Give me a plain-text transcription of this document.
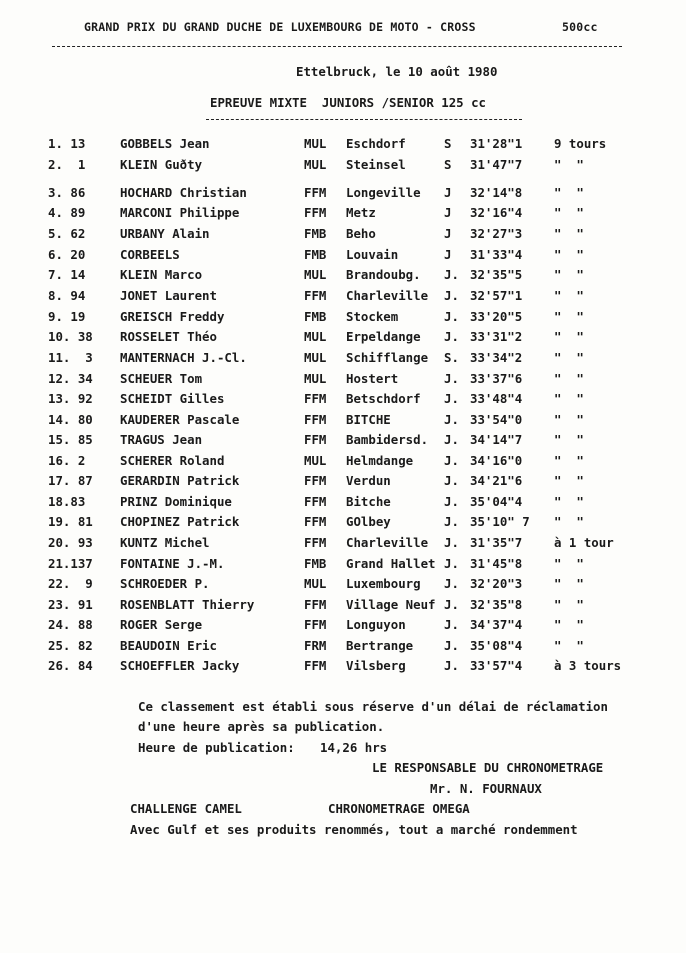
GRAND PRIX DU GRAND DUCHE DE LUXEMBOURG DE MOTO - CROSS	500cc
Ettelbruck, le 10 août 1980
EPREUVE MIXTE  JUNIORS /SENIOR 125 cc
1. 13	GOBBELS Jean	MUL Eschdorf	S 31'28"1	9 tours
2.  1	KLEIN Guðty	MUL Steinsel	S 31'47"7	"  "
3. 86	HOCHARD Christian	FFM Longeville J 32'14"8	"  "
4. 89	MARCONI Philippe	FFM Metz	J 32'16"4	"  "
5. 62	URBANY Alain	FMB Beho	J 32'27"3	"  "
6. 20	CORBEELS	FMB Louvain	J 31'33"4	"  "
7. 14	KLEIN Marco	MUL Brandoubg. J. 32'35"5	"  "
8. 94	JONET Laurent	FFM Charleville J. 32'57"1	"  "
9. 19	GREISCH Freddy	FMB Stockem	J. 33'20"5	"  "
10. 38	ROSSELET Théo	MUL Erpeldange J. 33'31"2	"  "
11.  3	MANTERNACH J.-Cl.	MUL Schifflange S. 33'34"2	"  "
12. 34	SCHEUER Tom	MUL Hostert	J. 33'37"6	"  "
13. 92	SCHEIDT Gilles	FFM Betschdorf J. 33'48"4	"  "
14. 80	KAUDERER Pascale	FFM BITCHE	J. 33'54"0	"  "
15. 85	TRAGUS Jean	FFM Bambidersd. J. 34'14"7	"  "
16. 2	SCHERER Roland	MUL Helmdange J. 34'16"0	"  "
17. 87	GERARDIN Patrick	FFM Verdun	J. 34'21"6	"  "
18.83	PRINZ Dominique	FFM Bitche	J. 35'04"4	"  "
19. 81	CHOPINEZ Patrick	FFM GOlbey	J. 35'10" 7 "  "
20. 93	KUNTZ Michel	FFM Charleville J. 31'35"7	à 1 tour
21.137	FONTAINE J.-M.	FMB Grand Hallet J. 31'45"8	"  "
22.  9	SCHROEDER P.	MUL Luxembourg J. 32'20"3	"  "
23. 91	ROSENBLATT Thierry	FFM Village Neuf J. 32'35"8	"  "
24. 88	ROGER Serge	FFM Longuyon	J. 34'37"4	"  "
25. 82	BEAUDOIN Eric	FRM Bertrange J. 35'08"4	"  "
26. 84	SCHOEFFLER Jacky	FFM Vilsberg	J. 33'57"4	à 3 tours
Ce classement est établi sous réserve d'un délai de réclamation
d'une heure après sa publication.
Heure de publication: 14,26 hrs
LE RESPONSABLE DU CHRONOMETRAGE
Mr. N. FOURNAUX
CHALLENGE CAMEL	CHRONOMETRAGE OMEGA
Avec Gulf et ses produits renommés, tout a marché rondemment
